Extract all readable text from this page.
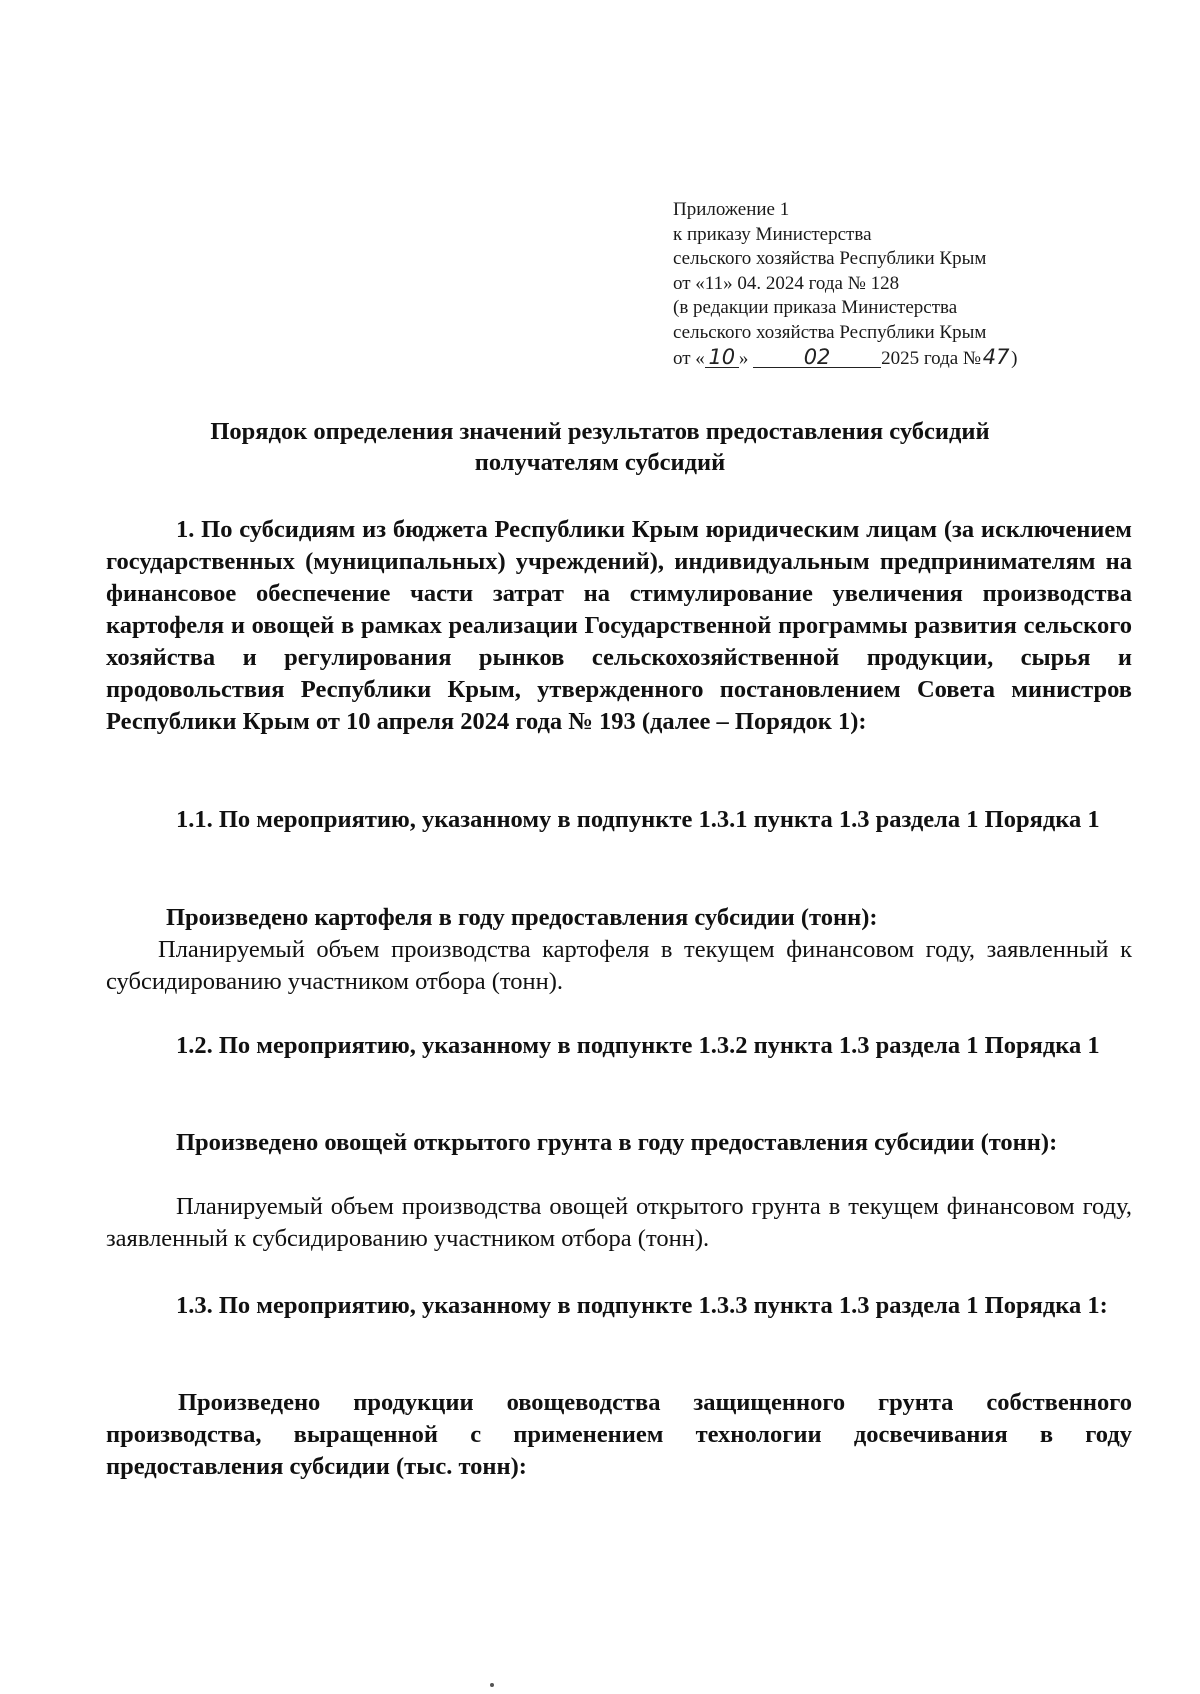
Приложение 1
к приказу Министерства
сельского хозяйства Республики Крым
от «11» 04. 2024 года № 128
(в редакции приказа Министерства
сельского хозяйства Республики Крым
от « 10 » 02	2025 года №47)
Порядок определения значений результатов предоставления субсидий
получателям субсидий
1. По субсидиям из бюджета Республики Крым юридическим лицам (за исключением государственных (муниципальных) учреждений), индивидуальным предпринимателям на финансовое обеспечение части затрат на стимулирование увеличения производства картофеля и овощей в рамках реализации Государственной программы развития сельского хозяйства и регулирования рынков сельскохозяйственной продукции, сырья и продовольствия Республики Крым, утвержденного постановлением Совета министров Республики Крым от 10 апреля 2024 года № 193 (далее – Порядок 1):
1.1. По мероприятию, указанному в подпункте 1.3.1 пункта 1.3 раздела 1 Порядка 1
Произведено картофеля в году предоставления субсидии (тонн):
Планируемый объем производства картофеля в текущем финансовом году, заявленный к субсидированию участником отбора (тонн).
1.2. По мероприятию, указанному в подпункте 1.3.2 пункта 1.3 раздела 1 Порядка 1
Произведено овощей открытого грунта в году предоставления субсидии (тонн):
Планируемый объем производства овощей открытого грунта в текущем финансовом году, заявленный к субсидированию участником отбора (тонн).
1.3. По мероприятию, указанному в подпункте 1.3.3 пункта 1.3 раздела 1 Порядка 1:
Произведено продукции овощеводства защищенного грунта собственного производства, выращенной с применением технологии досвечивания в году предоставления субсидии (тыс. тонн):
